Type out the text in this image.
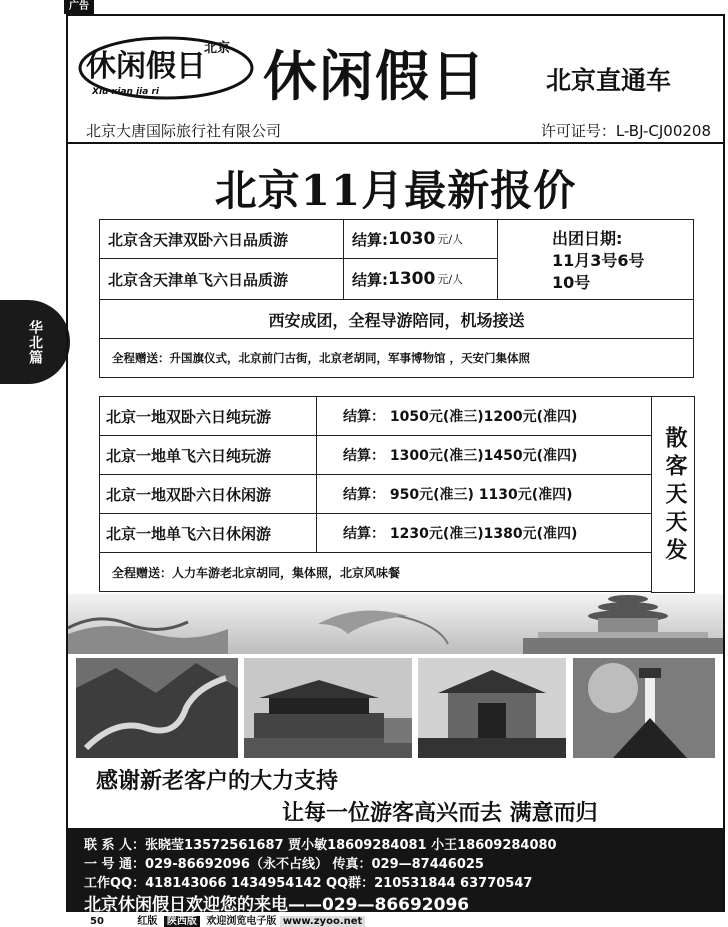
广告
华北篇
休闲假日
北京
Xiu xian jia ri 休闲假日 北京直通车
北京大唐国际旅行社有限公司	许可证号：L-BJ-CJ00208
北京11月最新报价
北京含天津双卧六日品质游	结算: 1030 元/人
北京含天津单飞六日品质游	结算: 1300 元/人
出团日期:
11月3号6号
10号
西安成团，全程导游陪同，机场接送
全程赠送：升国旗仪式，北京前门古街，北京老胡同，军事博物馆 ，天安门集体照
北京一地双卧六日纯玩游	结算： 1050元(准三)1200元(准四)
北京一地单飞六日纯玩游	结算： 1300元(准三)1450元(准四)
北京一地双卧六日休闲游	结算： 950元(准三) 1130元(准四)
北京一地单飞六日休闲游	结算： 1230元(准三)1380元(准四)	散客天天发
全程赠送：人力车游老北京胡同，集体照，北京风味餐
感谢新老客户的大力支持
让每一位游客高兴而去 满意而归
联 系 人：张晓莹13572561687 贾小敏18609284081 小王18609284080
一 号 通：029-86692096（永不占线） 传真：029—87446025
工作QQ：418143066 1434954142 QQ群：210531844 63770547
北京休闲假日欢迎您的来电——029—86692096
50	红版 陕西版 欢迎浏览电子版 www.zyoo.net
